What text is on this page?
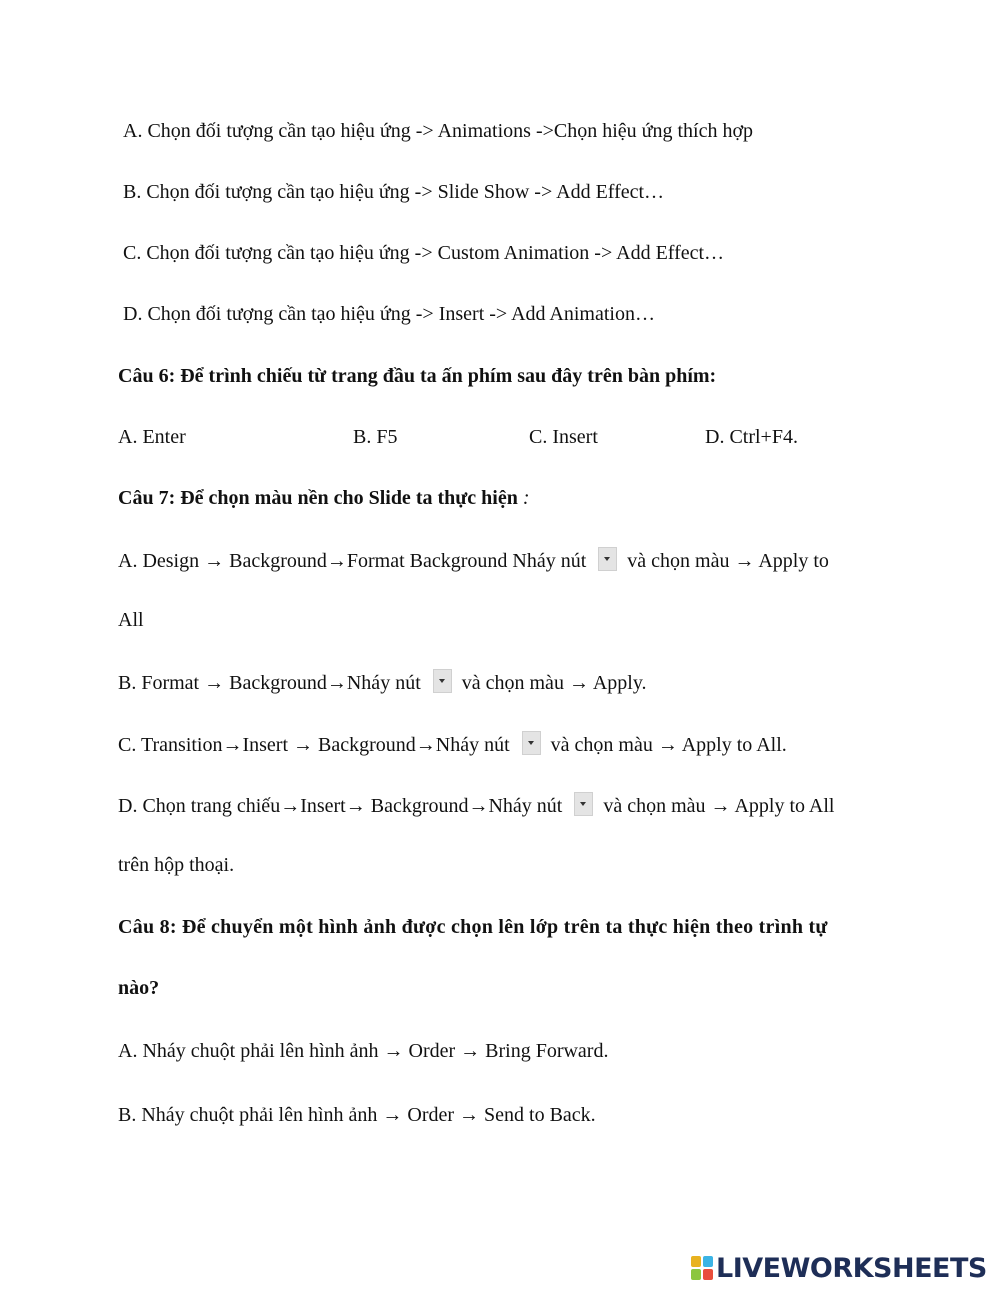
A. Chọn đối tượng cần tạo hiệu ứng -> Animations ->Chọn hiệu ứng thích hợp
B. Chọn đối tượng cần tạo hiệu ứng -> Slide Show -> Add Effect…
C. Chọn đối tượng cần tạo hiệu ứng -> Custom Animation -> Add Effect…
D. Chọn đối tượng cần tạo hiệu ứng -> Insert -> Add Animation…
Câu 6: Để trình chiếu từ trang đầu ta ấn phím sau đây trên bàn phím:
A. Enter	B. F5	C. Insert	D. Ctrl+F4.
Câu 7: Để chọn màu nền cho Slide ta thực hiện :
A. Design → Background→Format Background Nháy nút và chọn màu → Apply to
All
B. Format → Background→Nháy nút và chọn màu → Apply.
C. Transition→Insert → Background→Nháy nút và chọn màu → Apply to All.
D. Chọn trang chiếu→Insert→ Background→Nháy nút và chọn màu → Apply to All
trên hộp thoại.
Câu 8: Để chuyển một hình ảnh được chọn lên lớp trên ta thực hiện theo trình tự
nào?
A. Nháy chuột phải lên hình ảnh → Order → Bring Forward.
B. Nháy chuột phải lên hình ảnh → Order → Send to Back.
LIVEWORKSHEETS
